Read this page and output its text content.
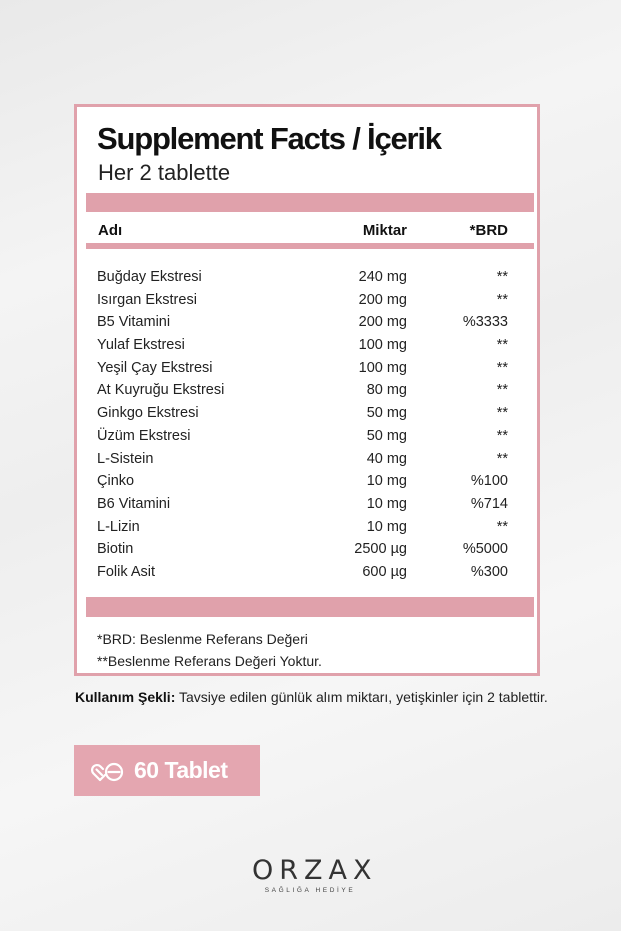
Supplement Facts / İçerik
Her 2 tablette
Adı	Miktar	*BRD
Buğday Ekstresi	240 mg	**
Isırgan Ekstresi	200 mg	**
B5 Vitamini	200 mg	%3333
Yulaf Ekstresi	100 mg	**
Yeşil Çay Ekstresi	100 mg	**
At Kuyruğu Ekstresi	80 mg	**
Ginkgo Ekstresi	50 mg	**
Üzüm Ekstresi	50 mg	**
L-Sistein	40 mg	**
Çinko	10 mg	%100
B6 Vitamini	10 mg	%714
L-Lizin	10 mg	**
Biotin	2500 µg	%5000
Folik Asit	600 µg	%300
*BRD: Beslenme Referans Değeri
**Beslenme Referans Değeri Yoktur.
Kullanım Şekli: Tavsiye edilen günlük alım miktarı, yetişkinler için 2 tablettir.
60 Tablet
ORZAX
SAĞLIĞA HEDİYE
